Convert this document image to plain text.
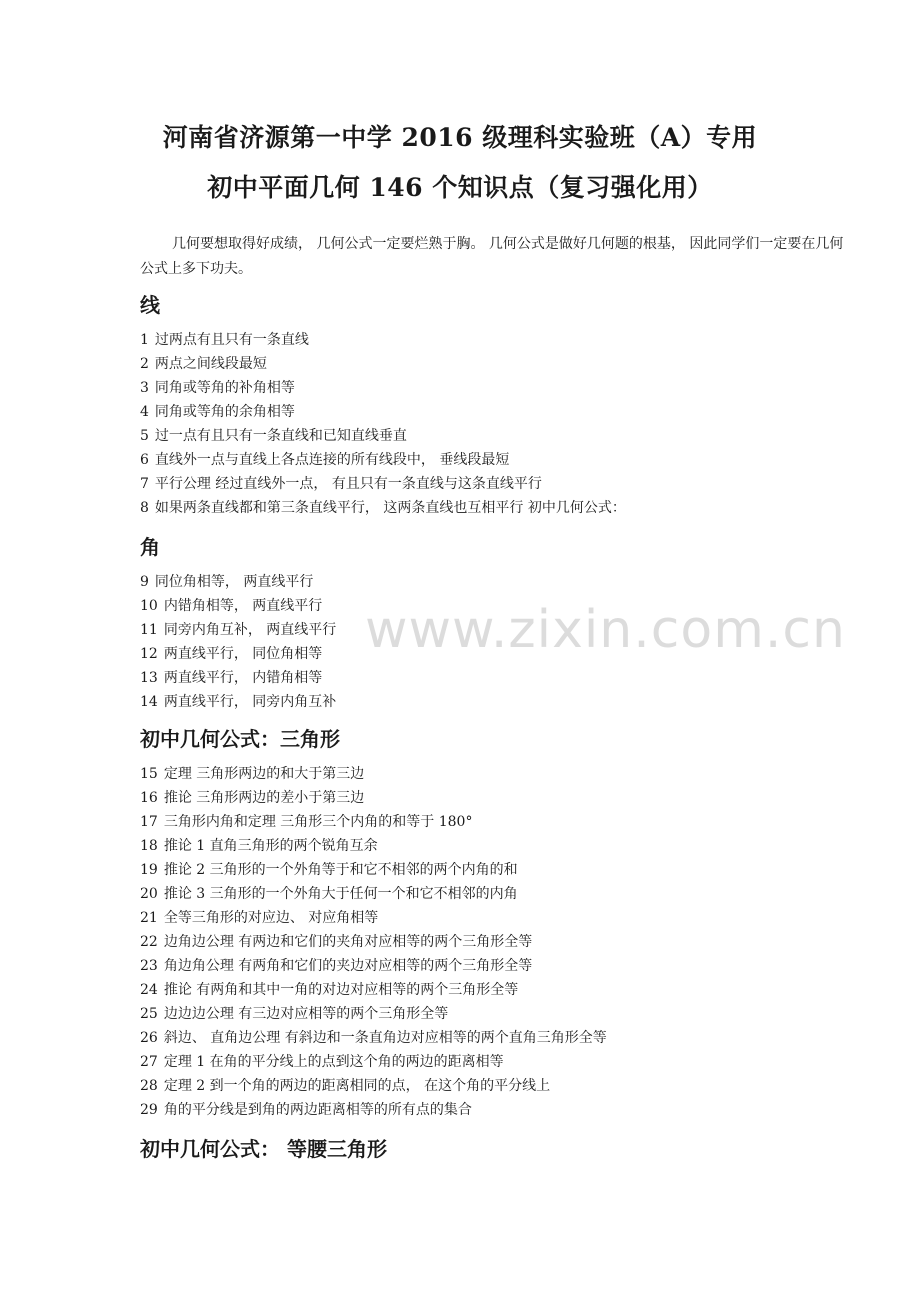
河南省济源第一中学 2016 级理科实验班（A）专用
初中平面几何 146 个知识点（复习强化用）
几何要想取得好成绩， 几何公式一定要烂熟于胸。 几何公式是做好几何题的根基， 因此同学们一定要在几何公式上多下功夫。
线
1 过两点有且只有一条直线
2 两点之间线段最短
3 同角或等角的补角相等
4 同角或等角的余角相等
5 过一点有且只有一条直线和已知直线垂直
6 直线外一点与直线上各点连接的所有线段中， 垂线段最短
7 平行公理 经过直线外一点， 有且只有一条直线与这条直线平行
8 如果两条直线都和第三条直线平行， 这两条直线也互相平行 初中几何公式：
角
9 同位角相等， 两直线平行
10 内错角相等， 两直线平行
11 同旁内角互补， 两直线平行
12 两直线平行， 同位角相等
13 两直线平行， 内错角相等
14 两直线平行， 同旁内角互补
初中几何公式：三角形
15 定理 三角形两边的和大于第三边
16 推论 三角形两边的差小于第三边
17 三角形内角和定理 三角形三个内角的和等于 180°
18 推论 1 直角三角形的两个锐角互余
19 推论 2 三角形的一个外角等于和它不相邻的两个内角的和
20 推论 3 三角形的一个外角大于任何一个和它不相邻的内角
21 全等三角形的对应边、 对应角相等
22 边角边公理 有两边和它们的夹角对应相等的两个三角形全等
23 角边角公理 有两角和它们的夹边对应相等的两个三角形全等
24 推论 有两角和其中一角的对边对应相等的两个三角形全等
25 边边边公理 有三边对应相等的两个三角形全等
26 斜边、 直角边公理 有斜边和一条直角边对应相等的两个直角三角形全等
27 定理 1 在角的平分线上的点到这个角的两边的距离相等
28 定理 2 到一个角的两边的距离相同的点， 在这个角的平分线上
29 角的平分线是到角的两边距离相等的所有点的集合
初中几何公式： 等腰三角形
www.zixin.com.cn
